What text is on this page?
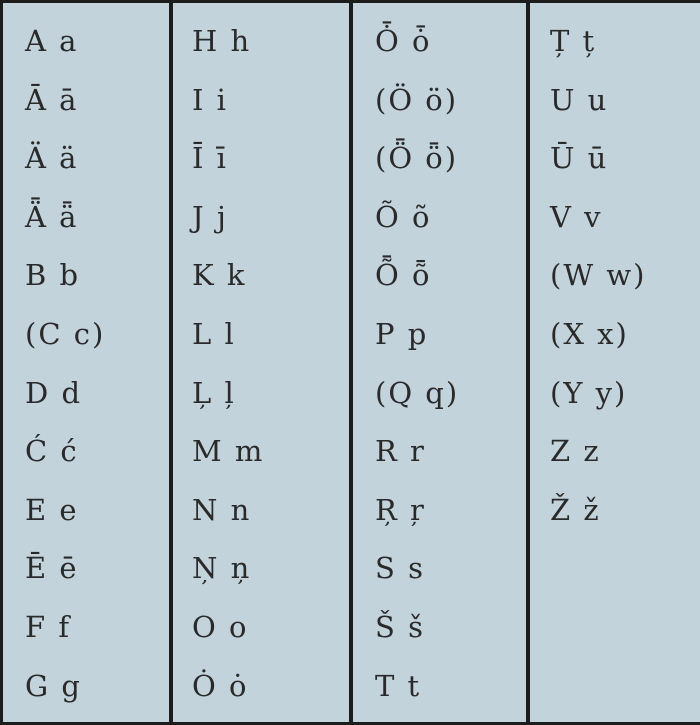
A a
Ā ā
Ä ä
Ǟ ǟ
B b
(C c)
D d
Ć ć
E e
Ē ē
F f
G g
H h
I i
Ī ī
J j
K k
L l
Ļ ļ
M m
N n
Ņ ņ
O o
Ȯ ȯ
Ȱ ȱ
(Ö ö)
(Ȫ ȫ)
Õ õ
Ȭ ȭ
P p
(Q q)
R r
Ŗ ŗ
S s
Š š
T t
Ț ț
U u
Ū ū
V v
(W w)
(X x)
(Y y)
Z z
Ž ž
